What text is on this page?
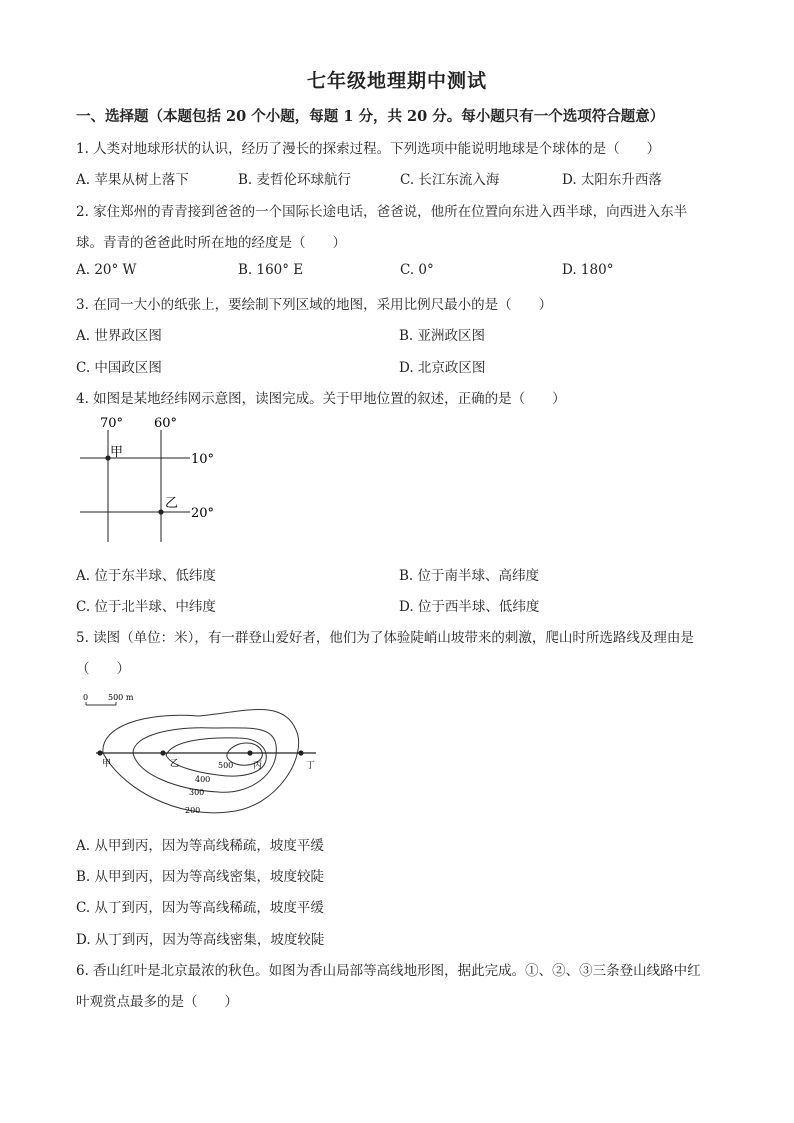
七年级地理期中测试
一、选择题（本题包括 20 个小题，每题 1 分，共 20 分。每小题只有一个选项符合题意）
1. 人类对地球形状的认识，经历了漫长的探索过程。下列选项中能说明地球是个球体的是（　　）
A. 苹果从树上落下	B. 麦哲伦环球航行	C. 长江东流入海	D. 太阳东升西落
2. 家住郑州的青青接到爸爸的一个国际长途电话，爸爸说，他所在位置向东进入西半球，向西进入东半
球。青青的爸爸此时所在地的经度是（　　）
A. 20° W	B. 160° E	C. 0°	D. 180°
3. 在同一大小的纸张上，要绘制下列区域的地图，采用比例尺最小的是（　　）
A. 世界政区图	B. 亚洲政区图
C. 中国政区图	D. 北京政区图
4. 如图是某地经纬网示意图，读图完成。关于甲地位置的叙述，正确的是（　　）
70° 60°
10°
20°
甲
乙
A. 位于东半球、低纬度	B. 位于南半球、高纬度
C. 位于北半球、中纬度	D. 位于西半球、低纬度
5. 读图（单位：米），有一群登山爱好者，他们为了体验陡峭山坡带来的刺激，爬山时所选路线及理由是
（　　）
0 500 m
甲	乙	丙	丁
500
400
300
200
A. 从甲到丙，因为等高线稀疏，坡度平缓
B. 从甲到丙，因为等高线密集，坡度较陡
C. 从丁到丙，因为等高线稀疏，坡度平缓
D. 从丁到丙，因为等高线密集，坡度较陡
6. 香山红叶是北京最浓的秋色。如图为香山局部等高线地形图，据此完成。①、②、③三条登山线路中红
叶观赏点最多的是（　　）
